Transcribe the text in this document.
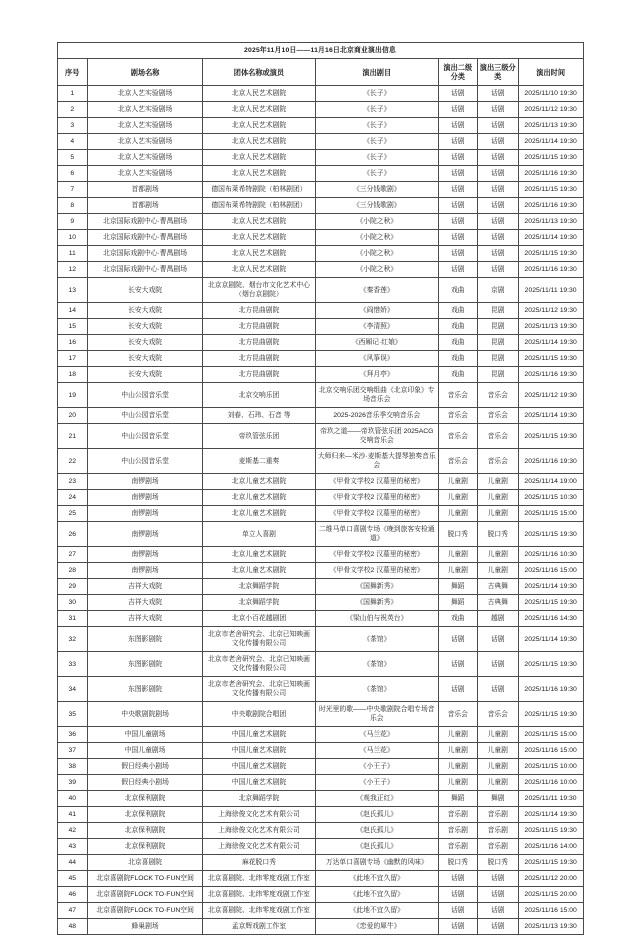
2025年11月10日——11月16日北京商业演出信息						
序号	剧场名称	团体名称或演员	演出剧目	演出二级分类	演出三级分类	演出时间
1	北京人艺实验剧场	北京人民艺术剧院	《长子》	话剧	话剧	2025/11/10 19:30
2	北京人艺实验剧场	北京人民艺术剧院	《长子》	话剧	话剧	2025/11/12 19:30
3	北京人艺实验剧场	北京人民艺术剧院	《长子》	话剧	话剧	2025/11/13 19:30
4	北京人艺实验剧场	北京人民艺术剧院	《长子》	话剧	话剧	2025/11/14 19:30
5	北京人艺实验剧场	北京人民艺术剧院	《长子》	话剧	话剧	2025/11/15 19:30
6	北京人艺实验剧场	北京人民艺术剧院	《长子》	话剧	话剧	2025/11/16 19:30
7	首都剧场	德国布莱希特剧院（柏林剧团）	《三分钱歌剧》	话剧	话剧	2025/11/15 19:30
8	首都剧场	德国布莱希特剧院（柏林剧团）	《三分钱歌剧》	话剧	话剧	2025/11/16 19:30
9	北京国际戏剧中心·曹禺剧场	北京人民艺术剧院	《小院之秋》	话剧	话剧	2025/11/13 19:30
10	北京国际戏剧中心·曹禺剧场	北京人民艺术剧院	《小院之秋》	话剧	话剧	2025/11/14 19:30
11	北京国际戏剧中心·曹禺剧场	北京人民艺术剧院	《小院之秋》	话剧	话剧	2025/11/15 19:30
12	北京国际戏剧中心·曹禺剧场	北京人民艺术剧院	《小院之秋》	话剧	话剧	2025/11/16 19:30
13	长安大戏院	北京京剧院、烟台市文化艺术中心（烟台京剧院）	《秦香莲》	戏曲	京剧	2025/11/11 19:30
14	长安大戏院	北方昆曲剧院	《阎惜娇》	戏曲	昆剧	2025/11/12 19:30
15	长安大戏院	北方昆曲剧院	《李清照》	戏曲	昆剧	2025/11/13 19:30
16	长安大戏院	北方昆曲剧院	《西厢记·红娘》	戏曲	昆剧	2025/11/14 19:30
17	长安大戏院	北方昆曲剧院	《风筝误》	戏曲	昆剧	2025/11/15 19:30
18	长安大戏院	北方昆曲剧院	《拜月亭》	戏曲	昆剧	2025/11/16 19:30
19	中山公园音乐堂	北京交响乐团	北京交响乐团交响组曲《北京印象》专场音乐会	音乐会	音乐会	2025/11/12 19:30
20	中山公园音乐堂	刘春、石玮、石音 等	2025-2026音乐季交响音乐会	音乐会	音乐会	2025/11/14 19:30
21	中山公园音乐堂	帝玖管弦乐团	帝玖之道——帝玖管弦乐团 2025ACG 交响音乐会	音乐会	音乐会	2025/11/15 19:30
22	中山公园音乐堂	麦斯基二重奏	大师归来—米沙·麦斯基大提琴独奏音乐会	音乐会	音乐会	2025/11/16 19:30
23	南锣剧场	北京儿童艺术剧院	《甲骨文学校2 汉墓里的秘密》	儿童剧	儿童剧	2025/11/14 19:00
24	南锣剧场	北京儿童艺术剧院	《甲骨文学校2 汉墓里的秘密》	儿童剧	儿童剧	2025/11/15 10:30
25	南锣剧场	北京儿童艺术剧院	《甲骨文学校2 汉墓里的秘密》	儿童剧	儿童剧	2025/11/15 15:00
26	南锣剧场	单立人喜剧	二维马单口喜剧专场《晚到旅客安检通道》	脱口秀	脱口秀	2025/11/15 19:30
27	南锣剧场	北京儿童艺术剧院	《甲骨文学校2 汉墓里的秘密》	儿童剧	儿童剧	2025/11/16 10:30
28	南锣剧场	北京儿童艺术剧院	《甲骨文学校2 汉墓里的秘密》	儿童剧	儿童剧	2025/11/16 15:00
29	吉祥大戏院	北京舞蹈学院	《国舞新秀》	舞蹈	古典舞	2025/11/14 19:30
30	吉祥大戏院	北京舞蹈学院	《国舞新秀》	舞蹈	古典舞	2025/11/15 19:30
31	吉祥大戏院	北京小百花越剧团	《梁山伯与祝英台》	戏曲	越剧	2025/11/16 14:30
32	东图影剧院	北京市老舍研究会、北京已知映画文化传播有限公司	《茶馆》	话剧	话剧	2025/11/14 19:30
33	东图影剧院	北京市老舍研究会、北京已知映画文化传播有限公司	《茶馆》	话剧	话剧	2025/11/15 19:30
34	东图影剧院	北京市老舍研究会、北京已知映画文化传播有限公司	《茶馆》	话剧	话剧	2025/11/16 19:30
35	中央歌剧院剧场	中央歌剧院合唱团	时光里的歌——中央歌剧院合唱专场音乐会	音乐会	音乐会	2025/11/15 19:30
36	中国儿童剧场	中国儿童艺术剧院	《马兰花》	儿童剧	儿童剧	2025/11/15 15:00
37	中国儿童剧场	中国儿童艺术剧院	《马兰花》	儿童剧	儿童剧	2025/11/16 15:00
38	假日经典小剧场	中国儿童艺术剧院	《小王子》	儿童剧	儿童剧	2025/11/15 10:00
39	假日经典小剧场	中国儿童艺术剧院	《小王子》	儿童剧	儿童剧	2025/11/16 10:00
40	北京保利剧院	北京舞蹈学院	《观我正红》	舞蹈	舞剧	2025/11/11 19:30
41	北京保利剧院	上海徐俊文化艺术有限公司	《赵氏孤儿》	音乐剧	音乐剧	2025/11/14 19:30
42	北京保利剧院	上海徐俊文化艺术有限公司	《赵氏孤儿》	音乐剧	音乐剧	2025/11/15 19:30
43	北京保利剧院	上海徐俊文化艺术有限公司	《赵氏孤儿》	音乐剧	音乐剧	2025/11/16 14:00
44	北京喜剧院	麻花脱口秀	万达单口喜剧专场《幽默的风味》	脱口秀	脱口秀	2025/11/15 19:30
45	北京喜剧院FLOCK TO·FUN空间	北京喜剧院、北纬零度戏剧工作室	《此地不宜久留》	话剧	话剧	2025/11/12 20:00
46	北京喜剧院FLOCK TO·FUN空间	北京喜剧院、北纬零度戏剧工作室	《此地不宜久留》	话剧	话剧	2025/11/15 20:00
47	北京喜剧院FLOCK TO·FUN空间	北京喜剧院、北纬零度戏剧工作室	《此地不宜久留》	话剧	话剧	2025/11/16 15:00
48	蜂巢剧场	孟京辉戏剧工作室	《恋爱的犀牛》	话剧	话剧	2025/11/13 19:30
